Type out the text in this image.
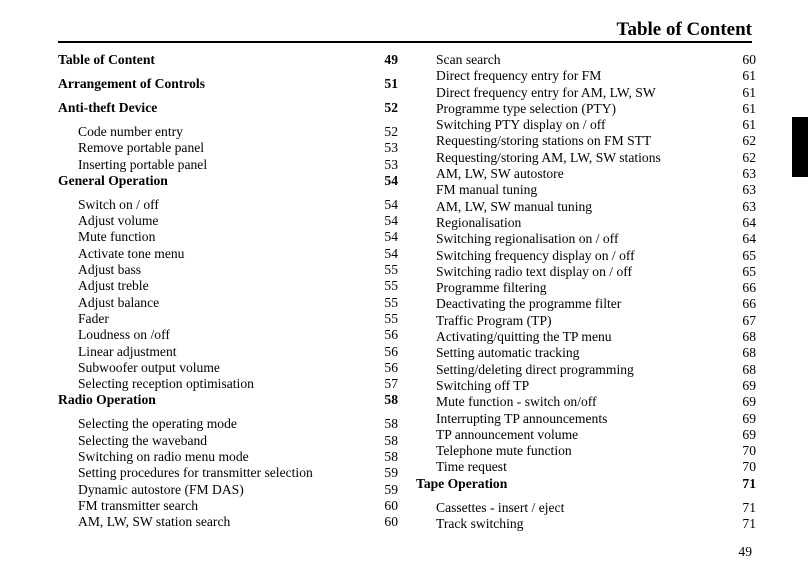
Table of Content
Table of Content	49
Arrangement of Controls	51
Anti-theft Device	52
Code number entry	52
Remove portable panel	53
Inserting portable panel	53
General Operation	54
Switch on / off	54
Adjust volume	54
Mute function	54
Activate tone menu	54
Adjust bass	55
Adjust treble	55
Adjust balance	55
Fader	55
Loudness on /off	56
Linear adjustment	56
Subwoofer output volume	56
Selecting reception optimisation	57
Radio Operation	58
Selecting the operating mode	58
Selecting the waveband	58
Switching on radio menu mode	58
Setting procedures for transmitter selection	59
Dynamic autostore (FM DAS)	59
FM transmitter search	60
AM, LW, SW station search	60
Scan search	60
Direct frequency entry for FM	61
Direct frequency entry for AM, LW, SW	61
Programme type selection (PTY)	61
Switching PTY display on / off	61
Requesting/storing stations on FM STT	62
Requesting/storing AM, LW, SW stations	62
AM, LW, SW autostore	63
FM manual tuning	63
AM, LW, SW manual tuning	63
Regionalisation	64
Switching regionalisation on / off	64
Switching frequency display on / off	65
Switching radio text display on / off	65
Programme filtering	66
Deactivating the programme filter	66
Traffic Program (TP)	67
Activating/quitting the TP menu	68
Setting automatic tracking	68
Setting/deleting direct programming	68
Switching off TP	69
Mute function - switch on/off	69
Interrupting TP announcements	69
TP announcement volume	69
Telephone mute function	70
Time request	70
Tape Operation	71
Cassettes - insert / eject	71
Track switching	71
49
